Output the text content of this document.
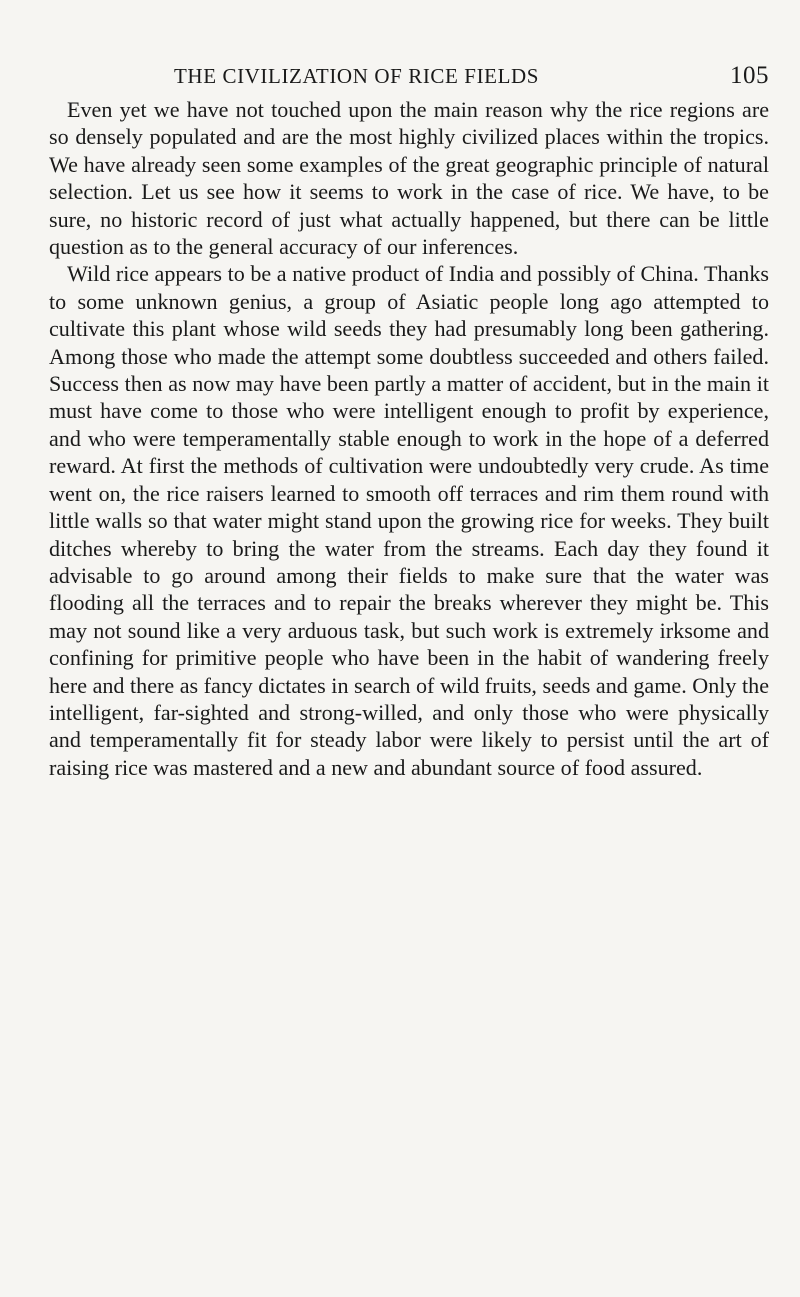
THE CIVILIZATION OF RICE FIELDS	105

Even yet we have not touched upon the main reason why the rice regions are so densely populated and are the most highly civilized places within the tropics. We have already seen some examples of the great geographic principle of natural selection. Let us see how it seems to work in the case of rice. We have, to be sure, no historic record of just what actually happened, but there can be little question as to the general accuracy of our inferences.

Wild rice appears to be a native product of India and possibly of China. Thanks to some unknown genius, a group of Asiatic people long ago attempted to cultivate this plant whose wild seeds they had presumably long been gathering. Among those who made the attempt some doubtless succeeded and others failed. Success then as now may have been partly a matter of accident, but in the main it must have come to those who were intelligent enough to profit by experience, and who were temperamentally stable enough to work in the hope of a deferred reward. At first the methods of cultivation were undoubtedly very crude. As time went on, the rice raisers learned to smooth off terraces and rim them round with little walls so that water might stand upon the growing rice for weeks. They built ditches whereby to bring the water from the streams. Each day they found it advisable to go around among their fields to make sure that the water was flooding all the terraces and to repair the breaks wherever they might be. This may not sound like a very arduous task, but such work is extremely irksome and confining for primitive people who have been in the habit of wandering freely here and there as fancy dictates in search of wild fruits, seeds and game. Only the intelligent, far-sighted and strong-willed, and only those who were physically and temperamentally fit for steady labor were likely to persist until the art of raising rice was mastered and a new and abundant source of food assured.
